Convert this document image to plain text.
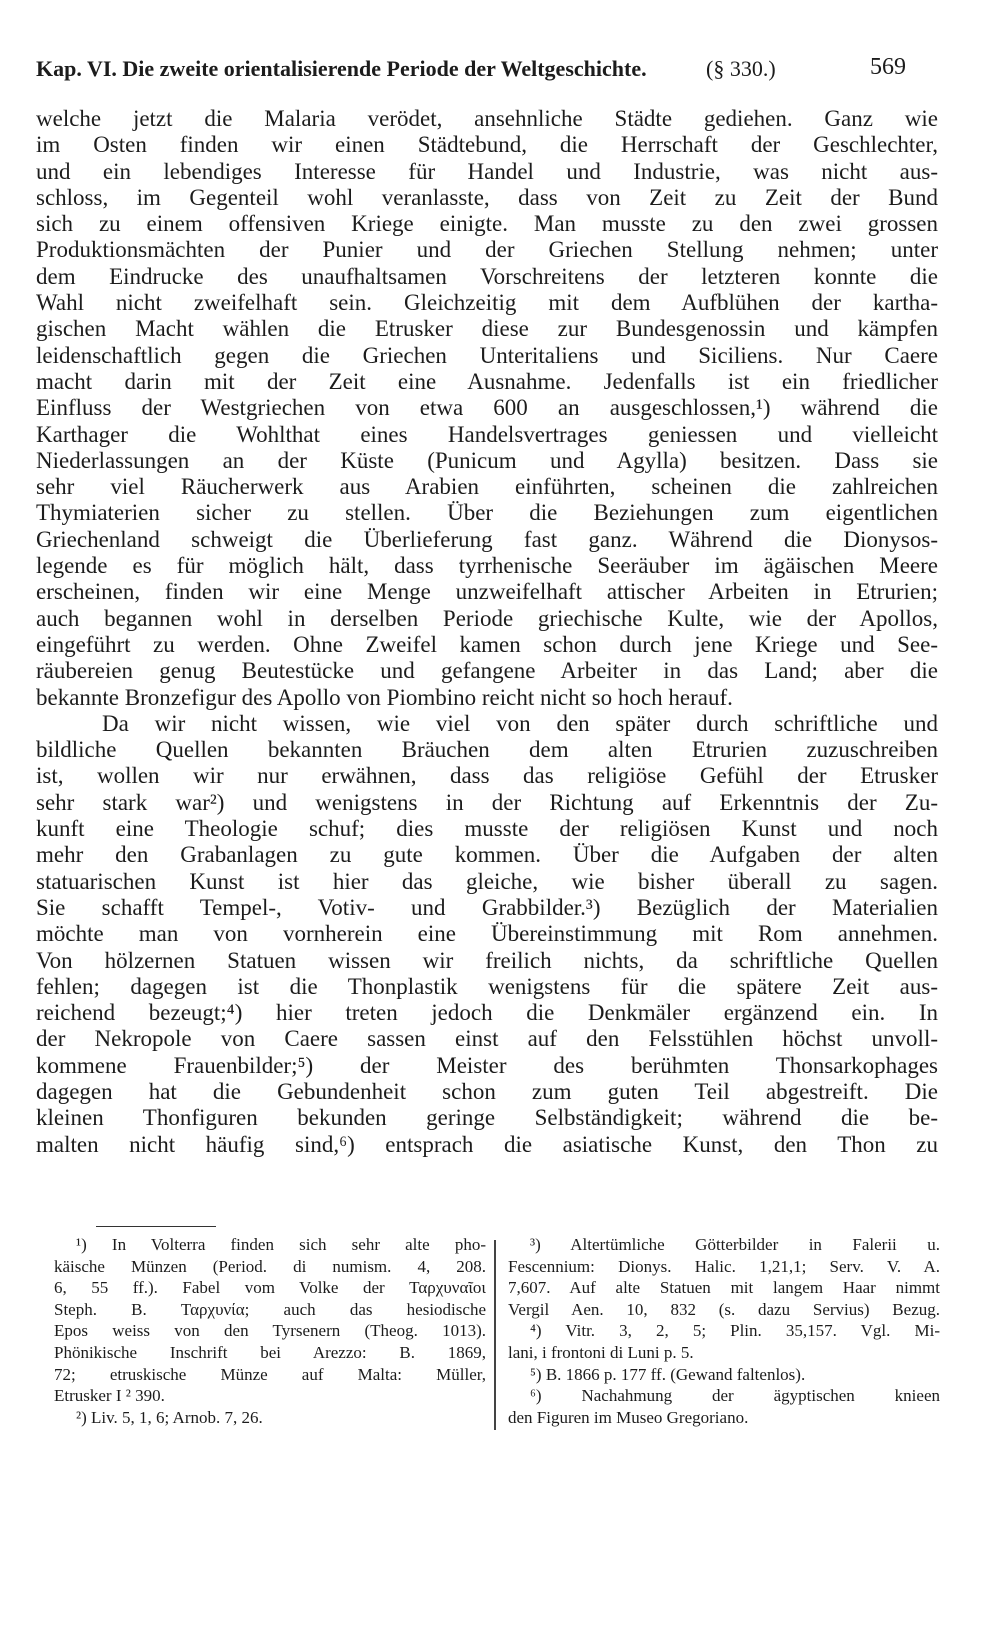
Kap. VI. Die zweite orientalisierende Periode der Weltgeschichte.	(§ 330.)	569
welche jetzt die Malaria verödet, ansehnliche Städte gediehen. Ganz wie
im Osten finden wir einen Städtebund, die Herrschaft der Geschlechter,
und ein lebendiges Interesse für Handel und Industrie, was nicht aus-
schloss, im Gegenteil wohl veranlasste, dass von Zeit zu Zeit der Bund
sich zu einem offensiven Kriege einigte. Man musste zu den zwei grossen
Produktionsmächten der Punier und der Griechen Stellung nehmen; unter
dem Eindrucke des unaufhaltsamen Vorschreitens der letzteren konnte die
Wahl nicht zweifelhaft sein. Gleichzeitig mit dem Aufblühen der kartha-
gischen Macht wählen die Etrusker diese zur Bundesgenossin und kämpfen
leidenschaftlich gegen die Griechen Unteritaliens und Siciliens. Nur Caere
macht darin mit der Zeit eine Ausnahme. Jedenfalls ist ein friedlicher
Einfluss der Westgriechen von etwa 600 an ausgeschlossen,¹) während die
Karthager die Wohlthat eines Handelsvertrages geniessen und vielleicht
Niederlassungen an der Küste (Punicum und Agylla) besitzen. Dass sie
sehr viel Räucherwerk aus Arabien einführten, scheinen die zahlreichen
Thymiaterien sicher zu stellen. Über die Beziehungen zum eigentlichen
Griechenland schweigt die Überlieferung fast ganz. Während die Dionysos-
legende es für möglich hält, dass tyrrhenische Seeräuber im ägäischen Meere
erscheinen, finden wir eine Menge unzweifelhaft attischer Arbeiten in Etrurien;
auch begannen wohl in derselben Periode griechische Kulte, wie der Apollos,
eingeführt zu werden. Ohne Zweifel kamen schon durch jene Kriege und See-
räubereien genug Beutestücke und gefangene Arbeiter in das Land; aber die
bekannte Bronzefigur des Apollo von Piombino reicht nicht so hoch herauf.
Da wir nicht wissen, wie viel von den später durch schriftliche und
bildliche Quellen bekannten Bräuchen dem alten Etrurien zuzuschreiben
ist, wollen wir nur erwähnen, dass das religiöse Gefühl der Etrusker
sehr stark war²) und wenigstens in der Richtung auf Erkenntnis der Zu-
kunft eine Theologie schuf; dies musste der religiösen Kunst und noch
mehr den Grabanlagen zu gute kommen. Über die Aufgaben der alten
statuarischen Kunst ist hier das gleiche, wie bisher überall zu sagen.
Sie schafft Tempel-, Votiv- und Grabbilder.³) Bezüglich der Materialien
möchte man von vornherein eine Übereinstimmung mit Rom annehmen.
Von hölzernen Statuen wissen wir freilich nichts, da schriftliche Quellen
fehlen; dagegen ist die Thonplastik wenigstens für die spätere Zeit aus-
reichend bezeugt;⁴) hier treten jedoch die Denkmäler ergänzend ein. In
der Nekropole von Caere sassen einst auf den Felsstühlen höchst unvoll-
kommene Frauenbilder;⁵) der Meister des berühmten Thonsarkophages
dagegen hat die Gebundenheit schon zum guten Teil abgestreift. Die
kleinen Thonfiguren bekunden geringe Selbständigkeit; während die be-
malten nicht häufig sind,⁶) entsprach die asiatische Kunst, den Thon zu
¹) In Volterra finden sich sehr alte pho-
käische Münzen (Period. di numism. 4, 208.
6, 55 ff.). Fabel vom Volke der Ταρχυναῖοι
Steph. B. Ταρχυνία; auch das hesiodische
Epos weiss von den Tyrsenern (Theog. 1013).
Phönikische Inschrift bei Arezzo: B. 1869,
72; etruskische Münze auf Malta: Müller,
Etrusker I ² 390.
²) Liv. 5, 1, 6; Arnob. 7, 26.
³) Altertümliche Götterbilder in Falerii u.
Fescennium: Dionys. Halic. 1,21,1; Serv. V. A.
7,607. Auf alte Statuen mit langem Haar nimmt
Vergil Aen. 10, 832 (s. dazu Servius) Bezug.
⁴) Vitr. 3, 2, 5; Plin. 35,157. Vgl. Mi-
lani, i frontoni di Luni p. 5.
⁵) B. 1866 p. 177 ff. (Gewand faltenlos).
⁶) Nachahmung der ägyptischen knieen
den Figuren im Museo Gregoriano.
